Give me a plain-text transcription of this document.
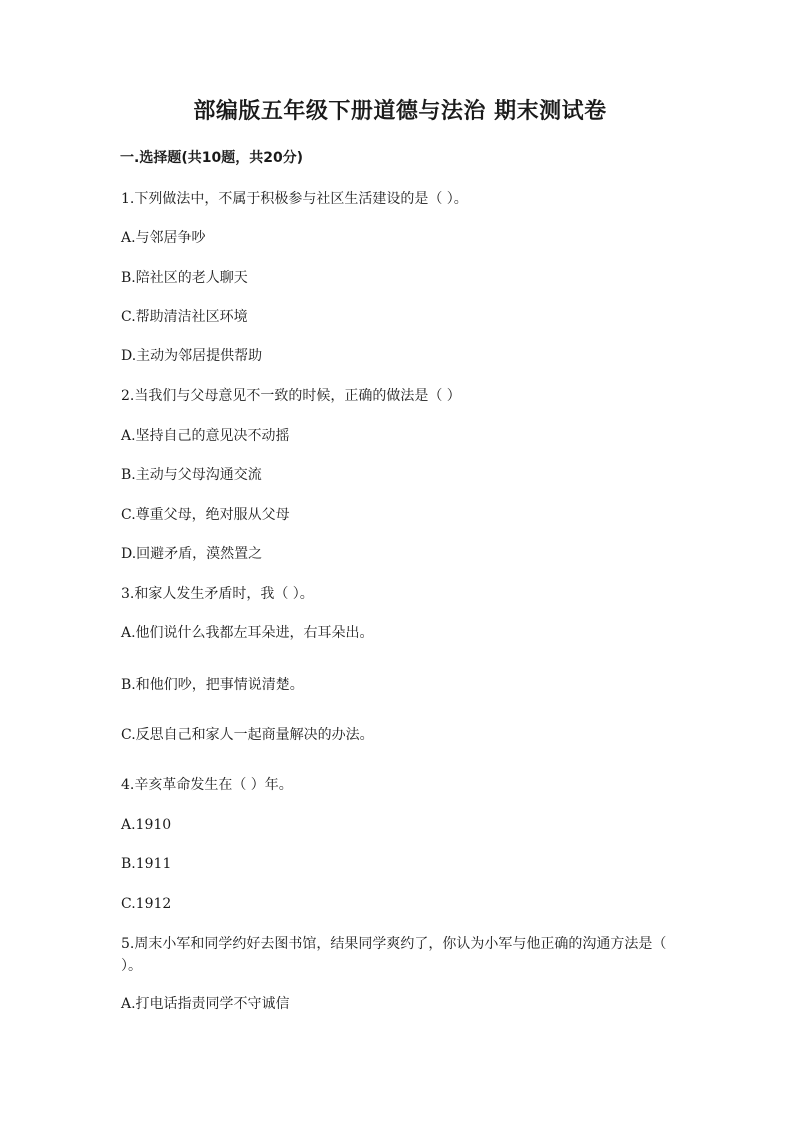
部编版五年级下册道德与法治 期末测试卷
一.选择题(共10题，共20分)
1.下列做法中，不属于积极参与社区生活建设的是（ ）。
A.与邻居争吵
B.陪社区的老人聊天
C.帮助清洁社区环境
D.主动为邻居提供帮助
2.当我们与父母意见不一致的时候，正确的做法是（ ）
A.坚持自己的意见决不动摇
B.主动与父母沟通交流
C.尊重父母，绝对服从父母
D.回避矛盾，漠然置之
3.和家人发生矛盾时，我（ ）。
A.他们说什么我都左耳朵进，右耳朵出。
B.和他们吵，把事情说清楚。
C.反思自己和家人一起商量解决的办法。
4.辛亥革命发生在（ ）年。
A.1910
B.1911
C.1912
5.周末小军和同学约好去图书馆，结果同学爽约了，你认为小军与他正确的沟通方法是（ ）。
A.打电话指责同学不守诚信
